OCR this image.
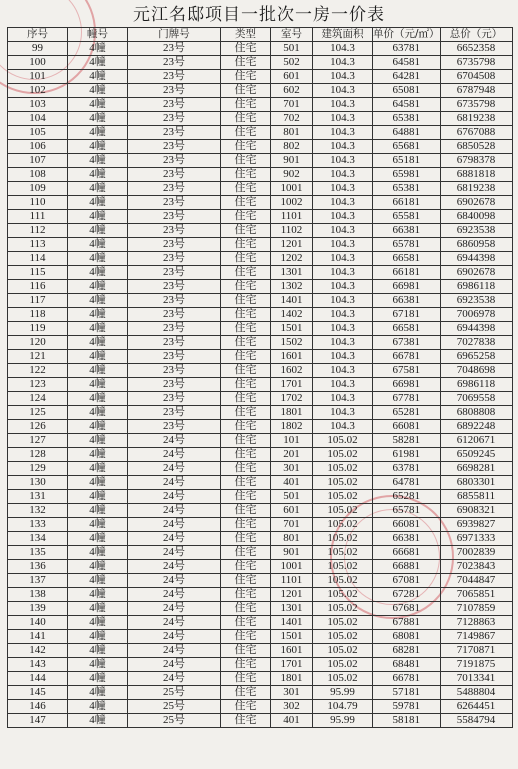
元江名邸项目一批次一房一价表
序号	幢号	门牌号	类型	室号	建筑面积	单价（元/㎡）	总价（元）
99	4幢	23号	住宅	501	104.3	63781	6652358
100	4幢	23号	住宅	502	104.3	64581	6735798
101	4幢	23号	住宅	601	104.3	64281	6704508
102	4幢	23号	住宅	602	104.3	65081	6787948
103	4幢	23号	住宅	701	104.3	64581	6735798
104	4幢	23号	住宅	702	104.3	65381	6819238
105	4幢	23号	住宅	801	104.3	64881	6767088
106	4幢	23号	住宅	802	104.3	65681	6850528
107	4幢	23号	住宅	901	104.3	65181	6798378
108	4幢	23号	住宅	902	104.3	65981	6881818
109	4幢	23号	住宅	1001	104.3	65381	6819238
110	4幢	23号	住宅	1002	104.3	66181	6902678
111	4幢	23号	住宅	1101	104.3	65581	6840098
112	4幢	23号	住宅	1102	104.3	66381	6923538
113	4幢	23号	住宅	1201	104.3	65781	6860958
114	4幢	23号	住宅	1202	104.3	66581	6944398
115	4幢	23号	住宅	1301	104.3	66181	6902678
116	4幢	23号	住宅	1302	104.3	66981	6986118
117	4幢	23号	住宅	1401	104.3	66381	6923538
118	4幢	23号	住宅	1402	104.3	67181	7006978
119	4幢	23号	住宅	1501	104.3	66581	6944398
120	4幢	23号	住宅	1502	104.3	67381	7027838
121	4幢	23号	住宅	1601	104.3	66781	6965258
122	4幢	23号	住宅	1602	104.3	67581	7048698
123	4幢	23号	住宅	1701	104.3	66981	6986118
124	4幢	23号	住宅	1702	104.3	67781	7069558
125	4幢	23号	住宅	1801	104.3	65281	6808808
126	4幢	23号	住宅	1802	104.3	66081	6892248
127	4幢	24号	住宅	101	105.02	58281	6120671
128	4幢	24号	住宅	201	105.02	61981	6509245
129	4幢	24号	住宅	301	105.02	63781	6698281
130	4幢	24号	住宅	401	105.02	64781	6803301
131	4幢	24号	住宅	501	105.02	65281	6855811
132	4幢	24号	住宅	601	105.02	65781	6908321
133	4幢	24号	住宅	701	105.02	66081	6939827
134	4幢	24号	住宅	801	105.02	66381	6971333
135	4幢	24号	住宅	901	105.02	66681	7002839
136	4幢	24号	住宅	1001	105.02	66881	7023843
137	4幢	24号	住宅	1101	105.02	67081	7044847
138	4幢	24号	住宅	1201	105.02	67281	7065851
139	4幢	24号	住宅	1301	105.02	67681	7107859
140	4幢	24号	住宅	1401	105.02	67881	7128863
141	4幢	24号	住宅	1501	105.02	68081	7149867
142	4幢	24号	住宅	1601	105.02	68281	7170871
143	4幢	24号	住宅	1701	105.02	68481	7191875
144	4幢	24号	住宅	1801	105.02	66781	7013341
145	4幢	25号	住宅	301	95.99	57181	5488804
146	4幢	25号	住宅	302	104.79	59781	6264451
147	4幢	25号	住宅	401	95.99	58181	5584794
